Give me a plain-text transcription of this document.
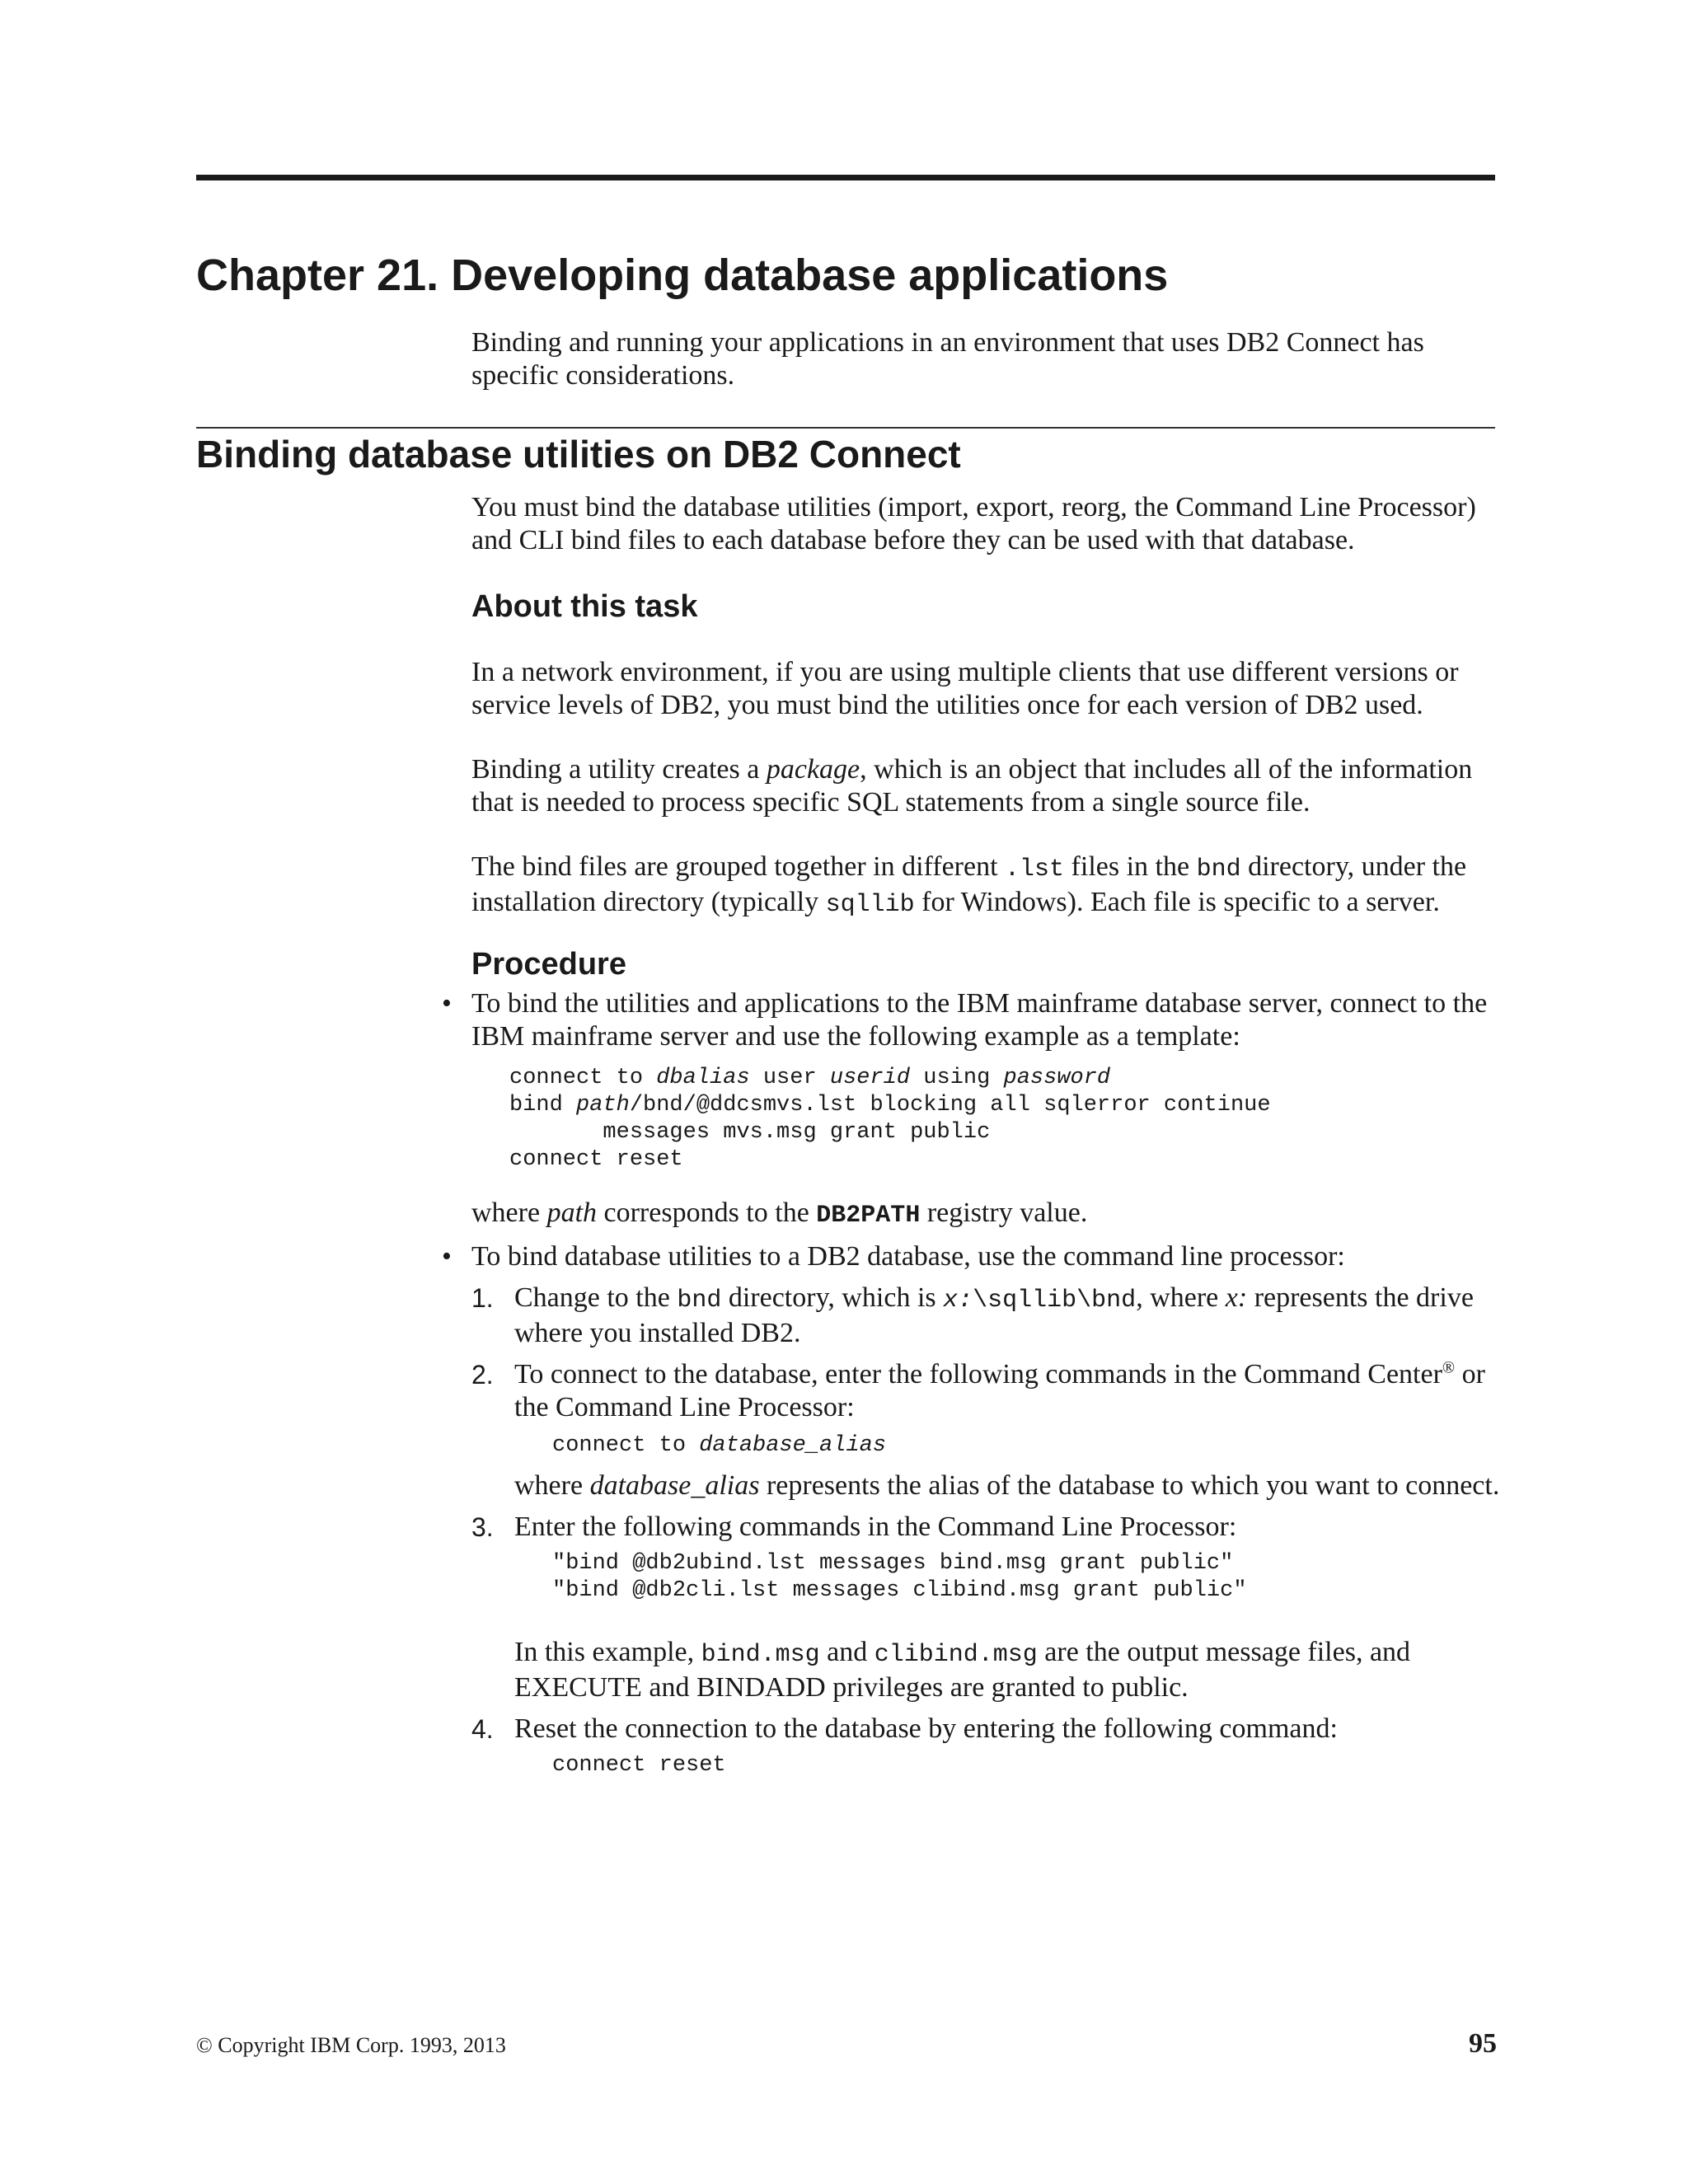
Chapter 21. Developing database applications

Binding and running your applications in an environment that uses DB2 Connect has specific considerations.

Binding database utilities on DB2 Connect

You must bind the database utilities (import, export, reorg, the Command Line Processor) and CLI bind files to each database before they can be used with that database.

About this task

In a network environment, if you are using multiple clients that use different versions or service levels of DB2, you must bind the utilities once for each version of DB2 used.

Binding a utility creates a package, which is an object that includes all of the information that is needed to process specific SQL statements from a single source file.

The bind files are grouped together in different .lst files in the bnd directory, under the installation directory (typically sqllib for Windows). Each file is specific to a server.

Procedure
• To bind the utilities and applications to the IBM mainframe database server, connect to the IBM mainframe server and use the following example as a template:

connect to dbalias user userid using password
bind path/bnd/@ddcsmvs.lst blocking all sqlerror continue
messages mvs.msg grant public
connect reset

where path corresponds to the DB2PATH registry value.

• To bind database utilities to a DB2 database, use the command line processor:

1. Change to the bnd directory, which is x:\sqllib\bnd, where x: represents the drive where you installed DB2.

2. To connect to the database, enter the following commands in the Command Center® or the Command Line Processor:

connect to database_alias

where database_alias represents the alias of the database to which you want to connect.

3. Enter the following commands in the Command Line Processor:

"bind @db2ubind.lst messages bind.msg grant public"
"bind @db2cli.lst messages clibind.msg grant public"

In this example, bind.msg and clibind.msg are the output message files, and EXECUTE and BINDADD privileges are granted to public.

4. Reset the connection to the database by entering the following command:

connect reset
© Copyright IBM Corp. 1993, 2013	95
